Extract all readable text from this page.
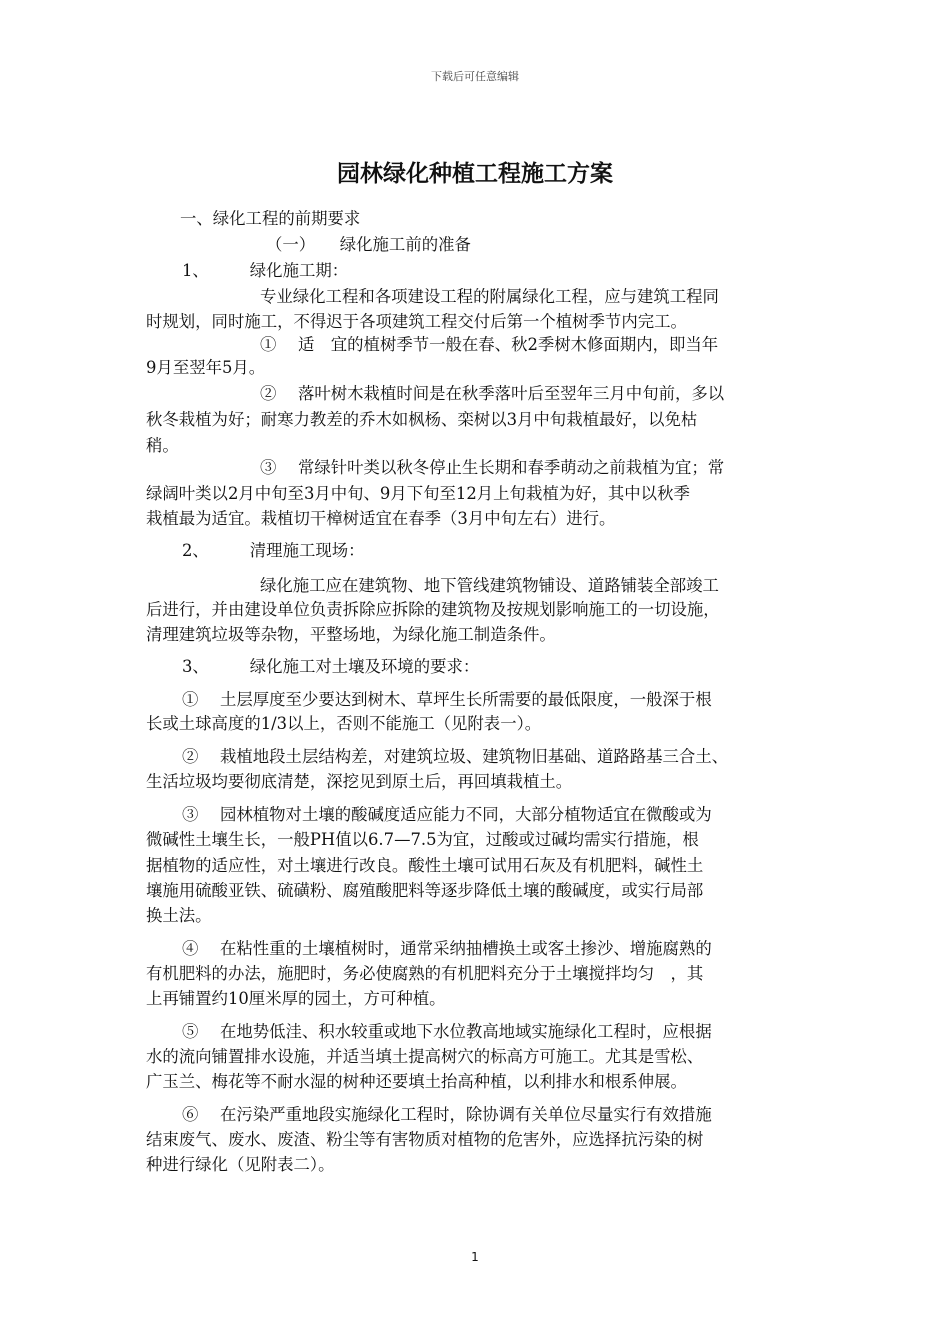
下载后可任意编辑
园林绿化种植工程施工方案
一、绿化工程的前期要求
（一）　　绿化施工前的准备
1、　　　绿化施工期：
专业绿化工程和各项建设工程的附属绿化工程，应与建筑工程同
时规划，同时施工，不得迟于各项建筑工程交付后第一个植树季节内完工。
①　 适　宜的植树季节一般在春、秋2季树木修面期内，即当年
9月至翌年5月。
②　 落叶树木栽植时间是在秋季落叶后至翌年三月中旬前，多以
秋冬栽植为好；耐寒力教差的乔木如枫杨、栾树以3月中旬栽植最好，以免枯
稍。
③　 常绿针叶类以秋冬停止生长期和春季萌动之前栽植为宜；常
绿阔叶类以2月中旬至3月中旬、9月下旬至12月上旬栽植为好，其中以秋季
栽植最为适宜。栽植切干樟树适宜在春季（3月中旬左右）进行。
2、　　　清理施工现场：
绿化施工应在建筑物、地下管线建筑物铺设、道路铺装全部竣工
后进行，并由建设单位负责拆除应拆除的建筑物及按规划影响施工的一切设施，
清理建筑垃圾等杂物，平整场地，为绿化施工制造条件。
3、　　　绿化施工对土壤及环境的要求：
①　 土层厚度至少要达到树木、草坪生长所需要的最低限度，一般深于根
长或土球高度的1/3以上，否则不能施工（见附表一）。
②　 栽植地段土层结构差，对建筑垃圾、建筑物旧基础、道路路基三合土、
生活垃圾均要彻底清楚，深挖见到原土后，再回填栽植土。
③　 园林植物对土壤的酸碱度适应能力不同，大部分植物适宜在微酸或为
微碱性土壤生长，一般PH值以6.7—7.5为宜，过酸或过碱均需实行措施，根
据植物的适应性，对土壤进行改良。酸性土壤可试用石灰及有机肥料，碱性土
壤施用硫酸亚铁、硫磺粉、腐殖酸肥料等逐步降低土壤的酸碱度，或实行局部
换土法。
④　 在粘性重的土壤植树时，通常采纳抽槽换土或客土掺沙、增施腐熟的
有机肥料的办法，施肥时，务必使腐熟的有机肥料充分于土壤搅拌均匀　，其
上再铺置约10厘米厚的园土，方可种植。
⑤　 在地势低洼、积水较重或地下水位教高地域实施绿化工程时，应根据
水的流向铺置排水设施，并适当填土提高树穴的标高方可施工。尤其是雪松、
广玉兰、梅花等不耐水湿的树种还要填土抬高种植，以利排水和根系伸展。
⑥　 在污染严重地段实施绿化工程时，除协调有关单位尽量实行有效措施
结束废气、废水、废渣、粉尘等有害物质对植物的危害外，应选择抗污染的树
种进行绿化（见附表二）。
1
